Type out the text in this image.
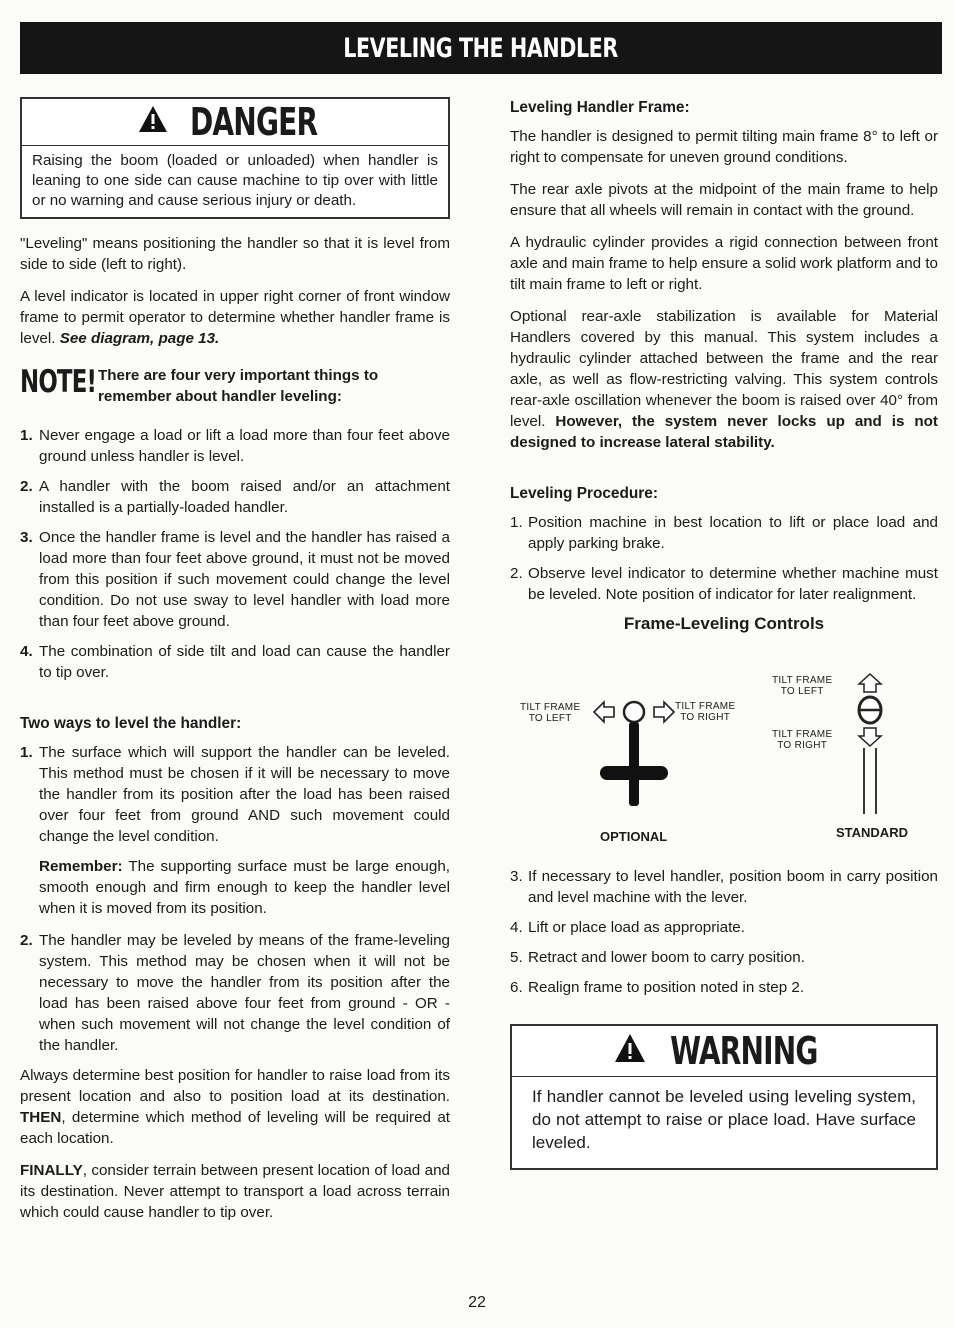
LEVELING THE HANDLER
DANGER
Raising the boom (loaded or unloaded) when handler is leaning to one side can cause machine to tip over with little or no warning and cause serious injury or death.

"Leveling" means positioning the handler so that it is level from side to side (left to right).

A level indicator is located in upper right corner of front window frame to permit operator to determine whether handler frame is level. See diagram, page 13.

NOTE! There are four very important things to remember about handler leveling:
1. Never engage a load or lift a load more than four feet above ground unless handler is level.
2. A handler with the boom raised and/or an attachment installed is a partially-loaded handler.
3. Once the handler frame is level and the handler has raised a load more than four feet above ground, it must not be moved from this position if such movement could change the level condition. Do not use sway to level handler with load more than four feet above ground.
4. The combination of side tilt and load can cause the handler to tip over.
Two ways to level the handler:
1. The surface which will support the handler can be leveled. This method must be chosen if it will be necessary to move the handler from its position after the load has been raised over four feet from ground AND such movement could change the level condition.

Remember: The supporting surface must be large enough, smooth enough and firm enough to keep the handler level when it is moved from its position.

2. The handler may be leveled by means of the frame-leveling system. This method may be chosen when it will not be necessary to move the handler from its position after the load has been raised above four feet from ground - OR - when such movement will not change the level condition of the handler.

Always determine best position for handler to raise load from its present location and also to position load at its destination. THEN, determine which method of leveling will be required at each location.

FINALLY, consider terrain between present location of load and its destination. Never attempt to transport a load across terrain which could cause handler to tip over.

Leveling Handler Frame:

The handler is designed to permit tilting main frame 8° to left or right to compensate for uneven ground conditions.

The rear axle pivots at the midpoint of the main frame to help ensure that all wheels will remain in contact with the ground.

A hydraulic cylinder provides a rigid connection between front axle and main frame to help ensure a solid work platform and to tilt main frame to left or right.

Optional rear-axle stabilization is available for Material Handlers covered by this manual. This system includes a hydraulic cylinder attached between the frame and the rear axle, as well as flow-restricting valving. This system controls rear-axle oscillation whenever the boom is raised over 40° from level. However, the system never locks up and is not designed to increase lateral stability.

Leveling Procedure:
1. Position machine in best location to lift or place load and apply parking brake.
2. Observe level indicator to determine whether machine must be leveled. Note position of indicator for later realignment.
Frame-Leveling Controls
TILT FRAME
TO LEFT
TILT FRAME
TO RIGHT
TILT FRAME
TO LEFT
TILT FRAME
TO RIGHT
OPTIONAL	STANDARD
3. If necessary to level handler, position boom in carry position and level machine with the lever.
4. Lift or place load as appropriate.
5. Retract and lower boom to carry position.
6. Realign frame to position noted in step 2.
WARNING
If handler cannot be leveled using leveling system, do not attempt to raise or place load. Have surface leveled.
22
